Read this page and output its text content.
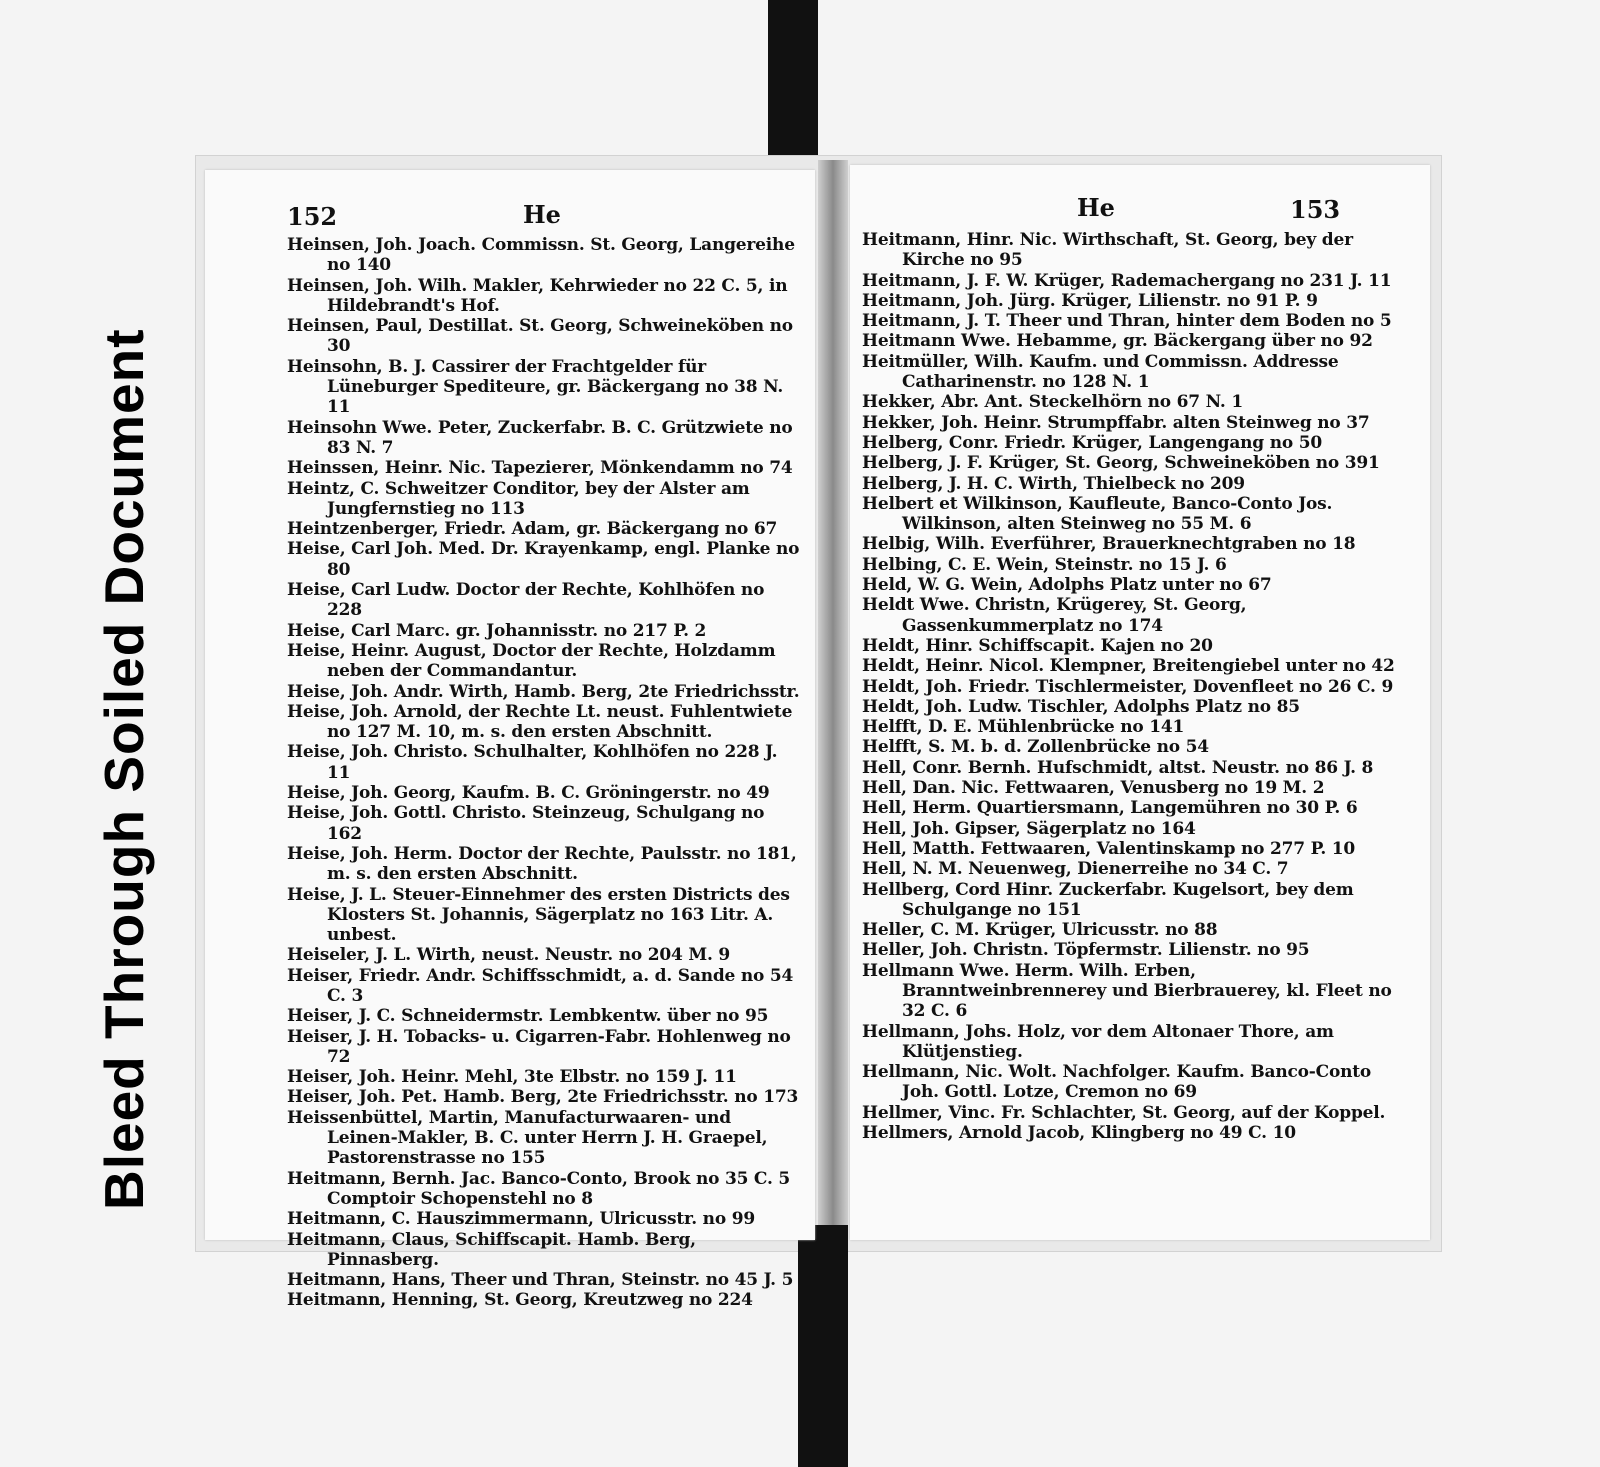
Bleed Through Soiled Document
152	He
Heinsen, Joh. Joach. Commissn. St. Georg, Langereihe no 140
Heinsen, Joh. Wilh. Makler, Kehrwieder no 22 C. 5, in Hildebrandt's Hof.
Heinsen, Paul, Destillat. St. Georg, Schweineköben no 30
Heinsohn, B. J. Cassirer der Frachtgelder für Lüneburger Spediteure, gr. Bäckergang no 38 N. 11
Heinsohn Wwe. Peter, Zuckerfabr. B. C. Grützwiete no 83 N. 7
Heinssen, Heinr. Nic. Tapezierer, Mönkendamm no 74
Heintz, C. Schweitzer Conditor, bey der Alster am Jungfernstieg no 113
Heintzenberger, Friedr. Adam, gr. Bäckergang no 67
Heise, Carl Joh. Med. Dr. Krayenkamp, engl. Planke no 80
Heise, Carl Ludw. Doctor der Rechte, Kohlhöfen no 228
Heise, Carl Marc. gr. Johannisstr. no 217 P. 2
Heise, Heinr. August, Doctor der Rechte, Holzdamm neben der Commandantur.
Heise, Joh. Andr. Wirth, Hamb. Berg, 2te Friedrichsstr.
Heise, Joh. Arnold, der Rechte Lt. neust. Fuhlentwiete no 127 M. 10, m. s. den ersten Abschnitt.
Heise, Joh. Christo. Schulhalter, Kohlhöfen no 228 J. 11
Heise, Joh. Georg, Kaufm. B. C. Gröningerstr. no 49
Heise, Joh. Gottl. Christo. Steinzeug, Schulgang no 162
Heise, Joh. Herm. Doctor der Rechte, Paulsstr. no 181, m. s. den ersten Abschnitt.
Heise, J. L. Steuer-Einnehmer des ersten Districts des Klosters St. Johannis, Sägerplatz no 163 Litr. A. unbest.
Heiseler, J. L. Wirth, neust. Neustr. no 204 M. 9
Heiser, Friedr. Andr. Schiffsschmidt, a. d. Sande no 54 C. 3
Heiser, J. C. Schneidermstr. Lembkentw. über no 95
Heiser, J. H. Tobacks- u. Cigarren-Fabr. Hohlenweg no 72
Heiser, Joh. Heinr. Mehl, 3te Elbstr. no 159 J. 11
Heiser, Joh. Pet. Hamb. Berg, 2te Friedrichsstr. no 173
Heissenbüttel, Martin, Manufacturwaaren- und Leinen-Makler, B. C. unter Herrn J. H. Graepel, Pastorenstrasse no 155
Heitmann, Bernh. Jac. Banco-Conto, Brook no 35 C. 5 Comptoir Schopenstehl no 8
Heitmann, C. Hauszimmermann, Ulricusstr. no 99
Heitmann, Claus, Schiffscapit. Hamb. Berg, Pinnasberg.
Heitmann, Hans, Theer und Thran, Steinstr. no 45 J. 5
Heitmann, Henning, St. Georg, Kreutzweg no 224
He	153
Heitmann, Hinr. Nic. Wirthschaft, St. Georg, bey der Kirche no 95
Heitmann, J. F. W. Krüger, Rademachergang no 231 J. 11
Heitmann, Joh. Jürg. Krüger, Lilienstr. no 91 P. 9
Heitmann, J. T. Theer und Thran, hinter dem Boden no 5
Heitmann Wwe. Hebamme, gr. Bäckergang über no 92
Heitmüller, Wilh. Kaufm. und Commissn. Addresse Catharinenstr. no 128 N. 1
Hekker, Abr. Ant. Steckelhörn no 67 N. 1
Hekker, Joh. Heinr. Strumpffabr. alten Steinweg no 37
Helberg, Conr. Friedr. Krüger, Langengang no 50
Helberg, J. F. Krüger, St. Georg, Schweineköben no 391
Helberg, J. H. C. Wirth, Thielbeck no 209
Helbert et Wilkinson, Kaufleute, Banco-Conto Jos. Wilkinson, alten Steinweg no 55 M. 6
Helbig, Wilh. Everführer, Brauerknechtgraben no 18
Helbing, C. E. Wein, Steinstr. no 15 J. 6
Held, W. G. Wein, Adolphs Platz unter no 67
Heldt Wwe. Christn, Krügerey, St. Georg, Gassenkummerplatz no 174
Heldt, Hinr. Schiffscapit. Kajen no 20
Heldt, Heinr. Nicol. Klempner, Breitengiebel unter no 42
Heldt, Joh. Friedr. Tischlermeister, Dovenfleet no 26 C. 9
Heldt, Joh. Ludw. Tischler, Adolphs Platz no 85
Helfft, D. E. Mühlenbrücke no 141
Helfft, S. M. b. d. Zollenbrücke no 54
Hell, Conr. Bernh. Hufschmidt, altst. Neustr. no 86 J. 8
Hell, Dan. Nic. Fettwaaren, Venusberg no 19 M. 2
Hell, Herm. Quartiersmann, Langemühren no 30 P. 6
Hell, Joh. Gipser, Sägerplatz no 164
Hell, Matth. Fettwaaren, Valentinskamp no 277 P. 10
Hell, N. M. Neuenweg, Dienerreihe no 34 C. 7
Hellberg, Cord Hinr. Zuckerfabr. Kugelsort, bey dem Schulgange no 151
Heller, C. M. Krüger, Ulricusstr. no 88
Heller, Joh. Christn. Töpfermstr. Lilienstr. no 95
Hellmann Wwe. Herm. Wilh. Erben, Branntweinbrennerey und Bierbrauerey, kl. Fleet no 32 C. 6
Hellmann, Johs. Holz, vor dem Altonaer Thore, am Klütjenstieg.
Hellmann, Nic. Wolt. Nachfolger. Kaufm. Banco-Conto Joh. Gottl. Lotze, Cremon no 69
Hellmer, Vinc. Fr. Schlachter, St. Georg, auf der Koppel.
Hellmers, Arnold Jacob, Klingberg no 49 C. 10
